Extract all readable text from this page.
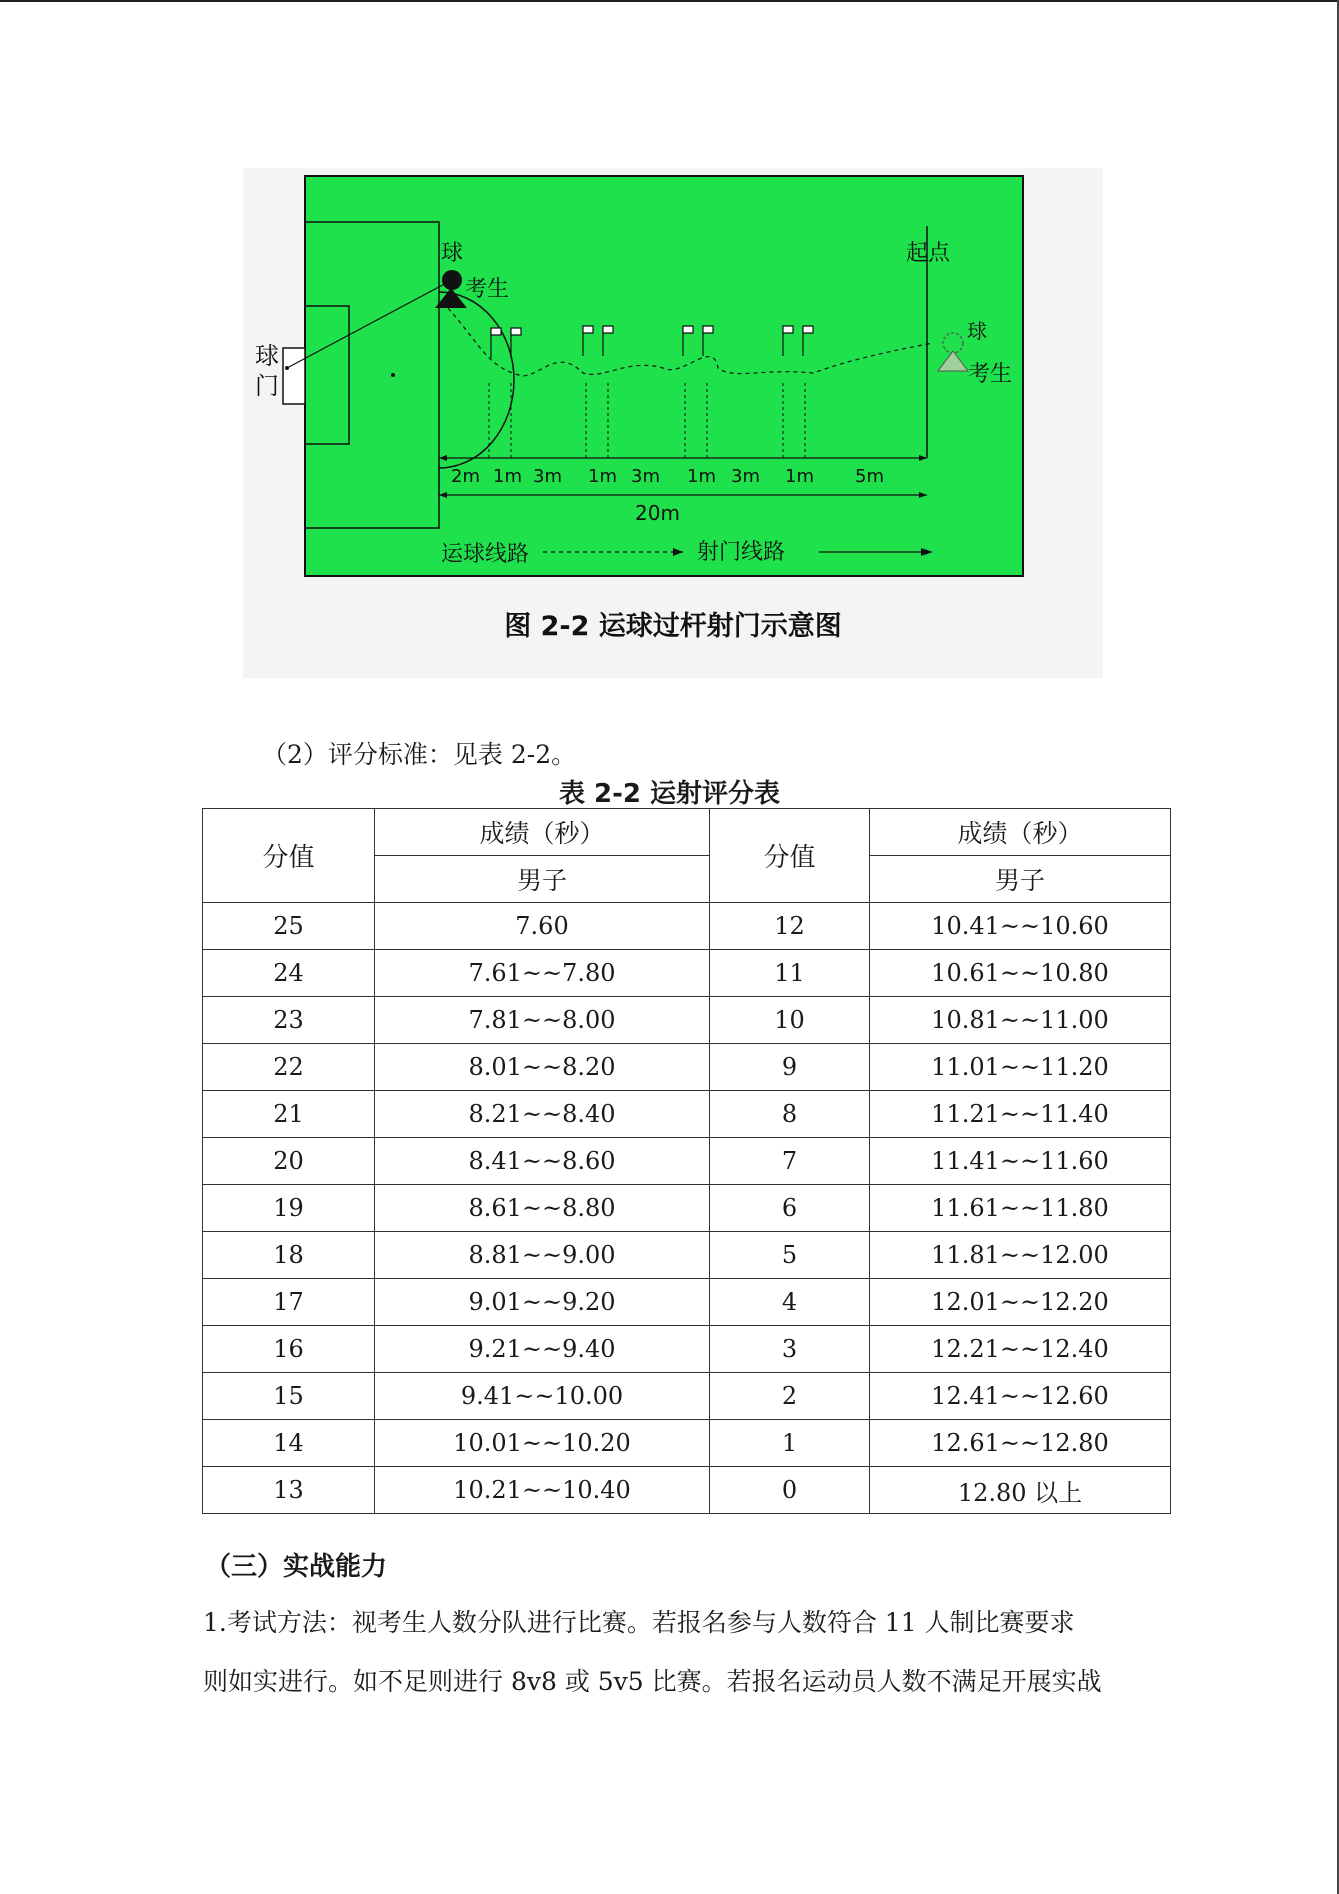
球
考生
球
门
起点
球
考生
2m 1m 3m 1m 3m 1m 3m 1m 5m
20m
运球线路	射门线路
图 2-2 运球过杆射门示意图
（2）评分标准：见表 2-2。
表 2-2 运射评分表
分值	成绩（秒）	分值	成绩（秒）
	男子		男子
25	7.60	12	10.41~~10.60
24	7.61~~7.80	11	10.61~~10.80
23	7.81~~8.00	10	10.81~~11.00
22	8.01~~8.20	9	11.01~~11.20
21	8.21~~8.40	8	11.21~~11.40
20	8.41~~8.60	7	11.41~~11.60
19	8.61~~8.80	6	11.61~~11.80
18	8.81~~9.00	5	11.81~~12.00
17	9.01~~9.20	4	12.01~~12.20
16	9.21~~9.40	3	12.21~~12.40
15	9.41~~10.00	2	12.41~~12.60
14	10.01~~10.20	1	12.61~~12.80
13	10.21~~10.40	0	12.80 以上
（三）实战能力
1.考试方法：视考生人数分队进行比赛。若报名参与人数符合 11 人制比赛要求
则如实进行。如不足则进行 8v8 或 5v5 比赛。若报名运动员人数不满足开展实战
